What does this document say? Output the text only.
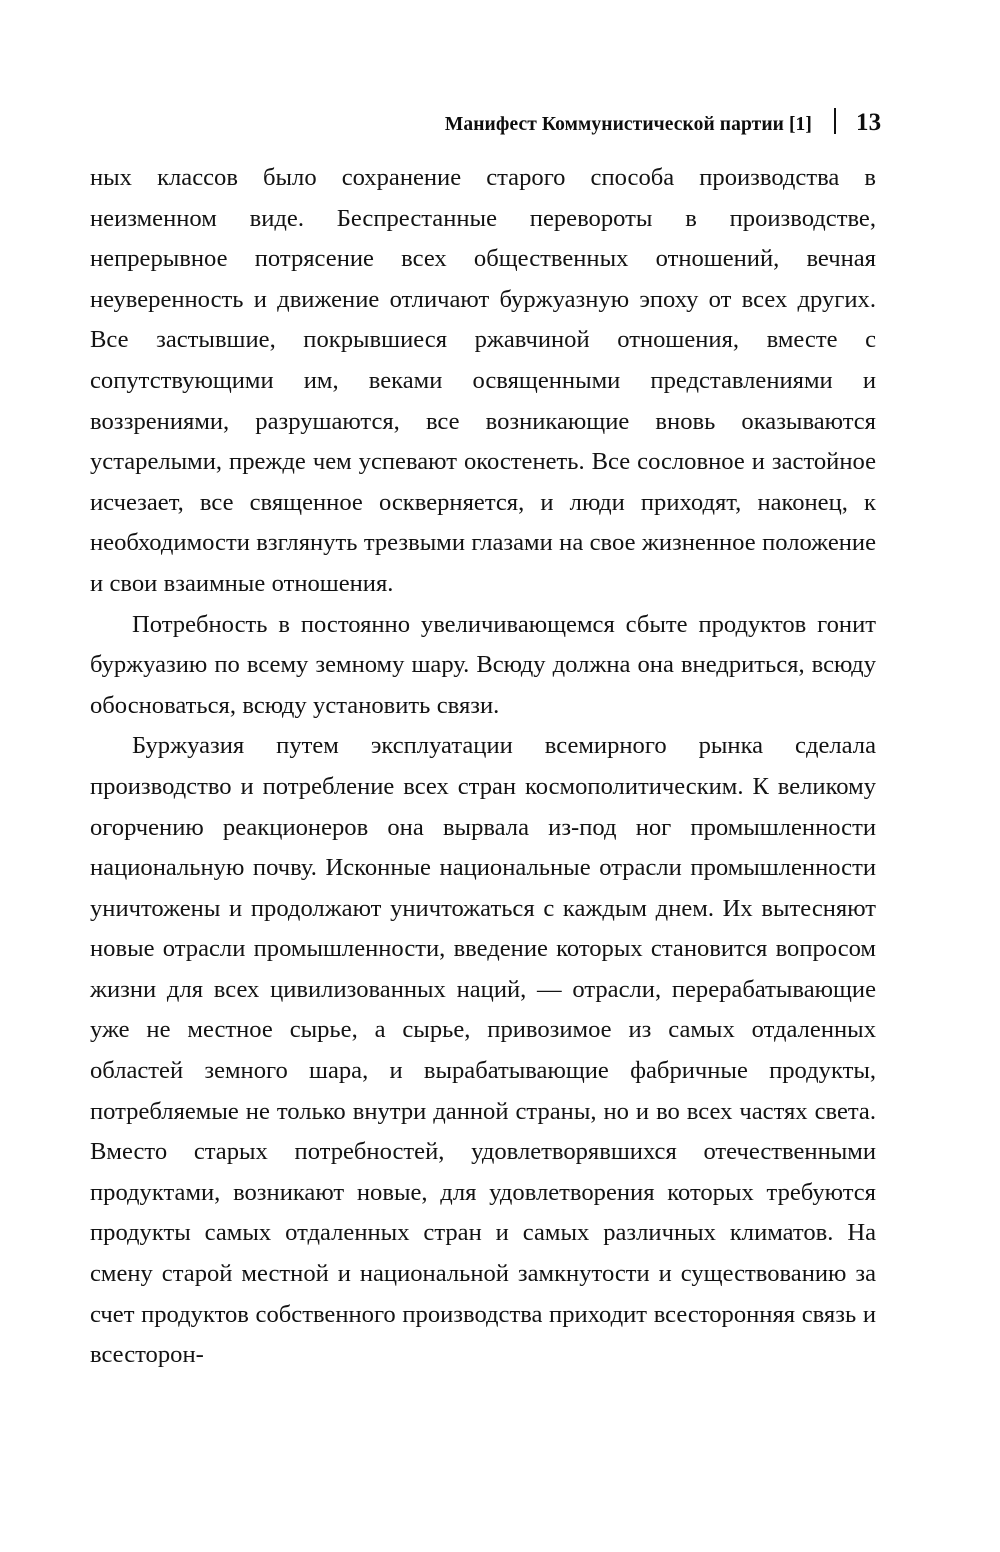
Манифест Коммунистической партии [1] 13

ных классов было сохранение старого способа производства в неизменном виде. Беспрестанные перевороты в производстве, непрерывное потрясение всех общественных отношений, вечная неуверенность и движение отличают буржуазную эпоху от всех других. Все застывшие, покрывшиеся ржавчиной отношения, вместе с сопутствующими им, веками освященными представлениями и воззрениями, разрушаются, все возникающие вновь оказываются устарелыми, прежде чем успевают окостенеть. Все сословное и застойное исчезает, все священное оскверняется, и люди приходят, наконец, к необходимости взглянуть трезвыми глазами на свое жизненное положение и свои взаимные отношения.

Потребность в постоянно увеличивающемся сбыте продуктов гонит буржуазию по всему земному шару. Всюду должна она внедриться, всюду обосноваться, всюду установить связи.

Буржуазия путем эксплуатации всемирного рынка сделала производство и потребление всех стран космополитическим. К великому огорчению реакционеров она вырвала из-под ног промышленности национальную почву. Исконные национальные отрасли промышленности уничтожены и продолжают уничтожаться с каждым днем. Их вытесняют новые отрасли промышленности, введение которых становится вопросом жизни для всех цивилизованных наций, — отрасли, перерабатывающие уже не местное сырье, а сырье, привозимое из самых отдаленных областей земного шара, и вырабатывающие фабричные продукты, потребляемые не только внутри данной страны, но и во всех частях света. Вместо старых потребностей, удовлетворявшихся отечественными продуктами, возникают новые, для удовлетворения которых требуются продукты самых отдаленных стран и самых различных климатов. На смену старой местной и национальной замкнутости и существованию за счет продуктов собственного производства приходит всесторонняя связь и всесторон-
